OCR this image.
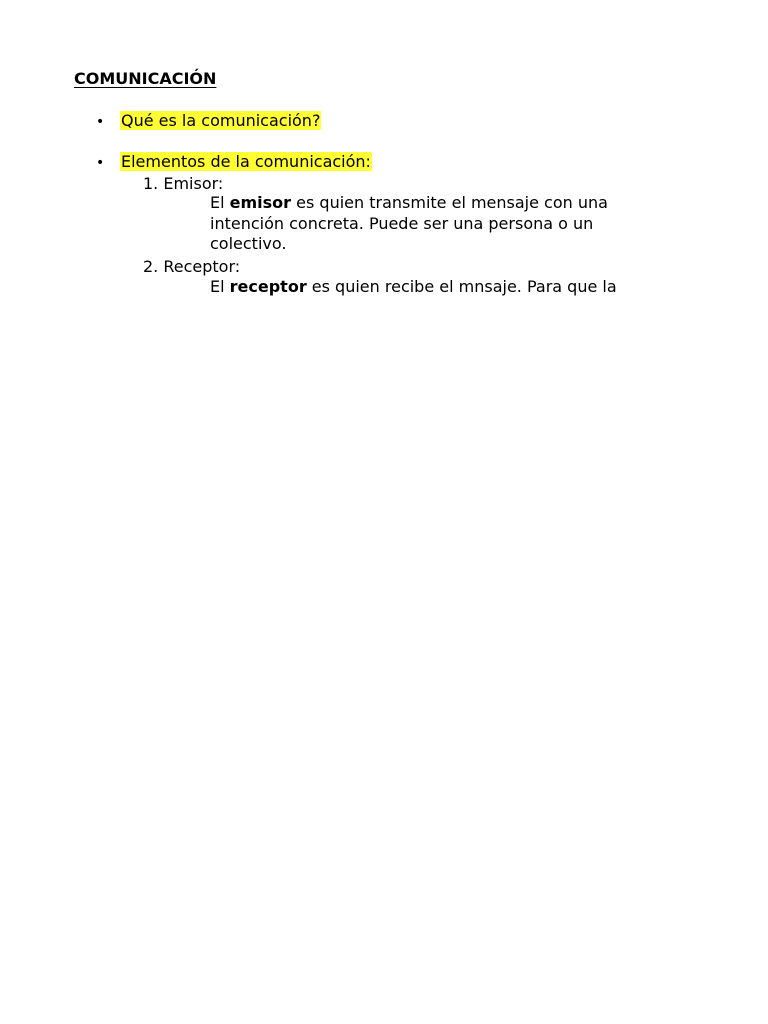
COMUNICACIÓN
• Qué es la comunicación?
• Elementos de la comunicación:
1. Emisor:
El emisor es quien transmite el mensaje con una
intención concreta. Puede ser una persona o un
colectivo.
2. Receptor:
El receptor es quien recibe el mnsaje. Para que la
